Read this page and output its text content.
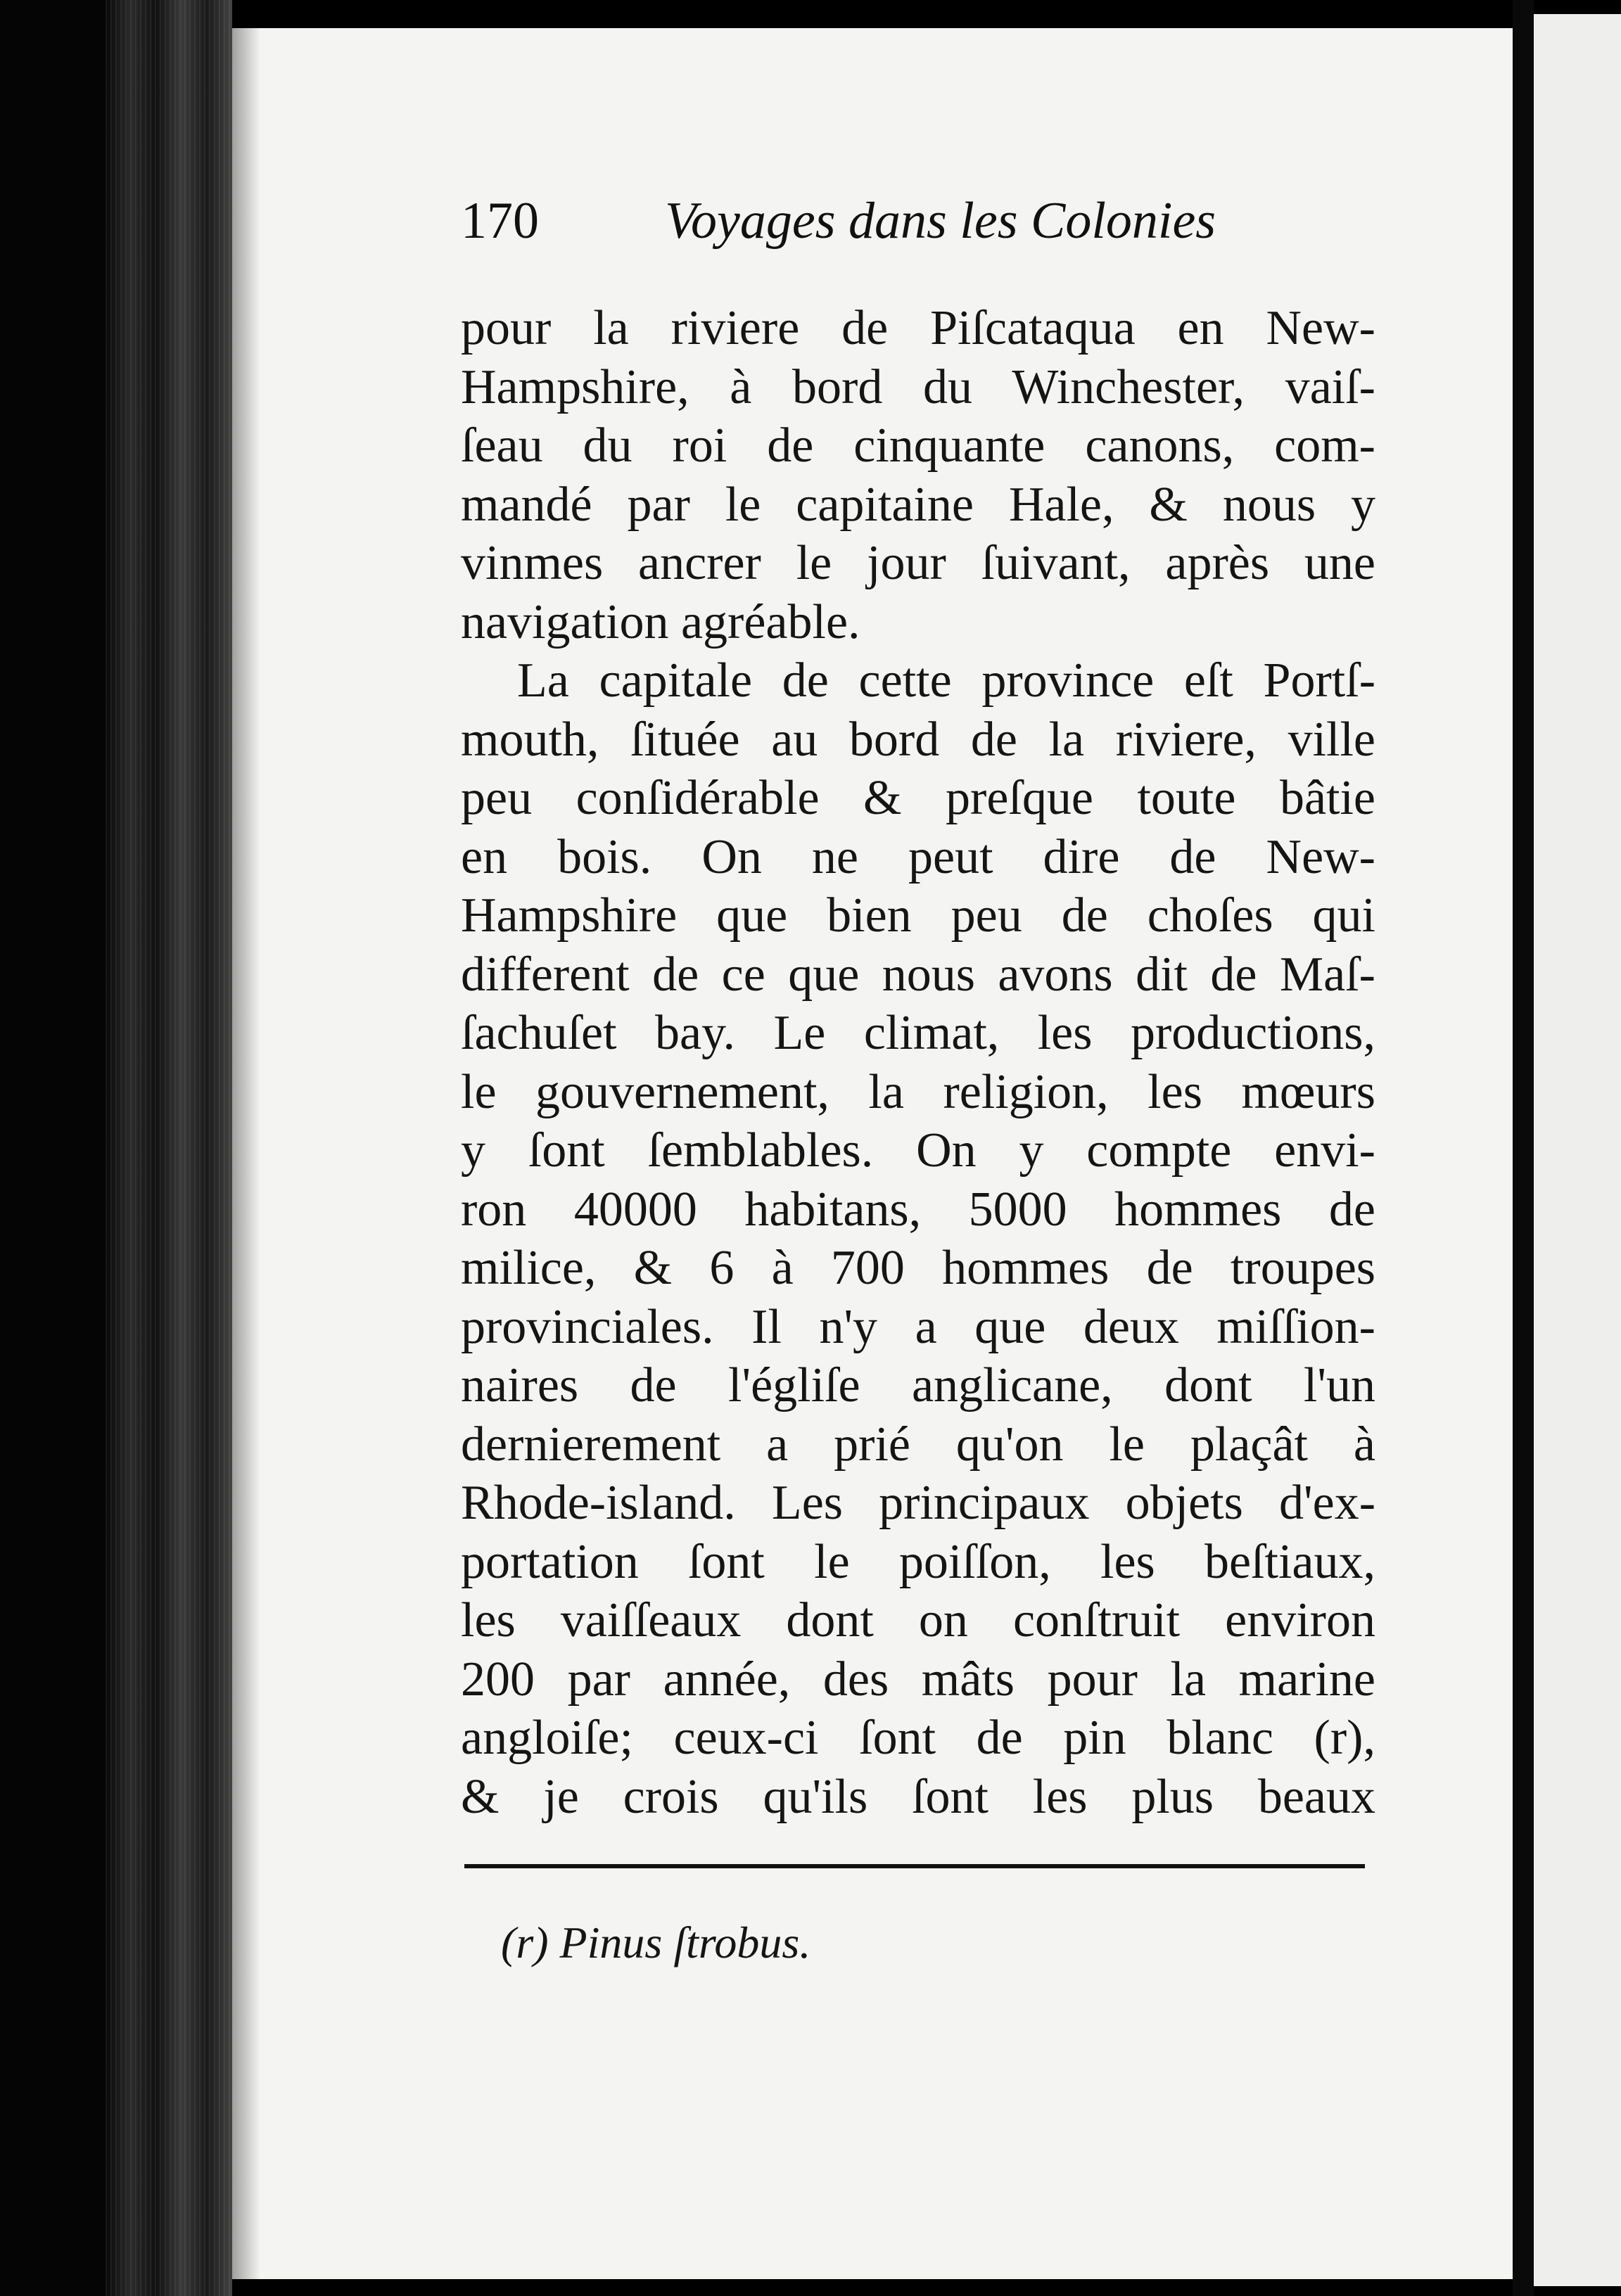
170 Voyages dans les Colonies
pour la riviere de Piſcataqua en New-
Hampshire, à bord du Winchester, vaiſ-
ſeau du roi de cinquante canons, com-
mandé par le capitaine Hale, & nous y
vinmes ancrer le jour ſuivant, après une
navigation agréable.
La capitale de cette province eſt Portſ-
mouth, ſituée au bord de la riviere, ville
peu conſidérable & preſque toute bâtie
en bois. On ne peut dire de New-
Hampshire que bien peu de choſes qui
different de ce que nous avons dit de Maſ-
ſachuſet bay. Le climat, les productions,
le gouvernement, la religion, les mœurs
y ſont ſemblables. On y compte envi-
ron 40000 habitans, 5000 hommes de
milice, & 6 à 700 hommes de troupes
provinciales. Il n'y a que deux miſſion-
naires de l'égliſe anglicane, dont l'un
dernierement a prié qu'on le plaçât à
Rhode-island. Les principaux objets d'ex-
portation ſont le poiſſon, les beſtiaux,
les vaiſſeaux dont on conſtruit environ
200 par année, des mâts pour la marine
angloiſe; ceux-ci ſont de pin blanc (r),
& je crois qu'ils ſont les plus beaux
(r) Pinus ſtrobus.
